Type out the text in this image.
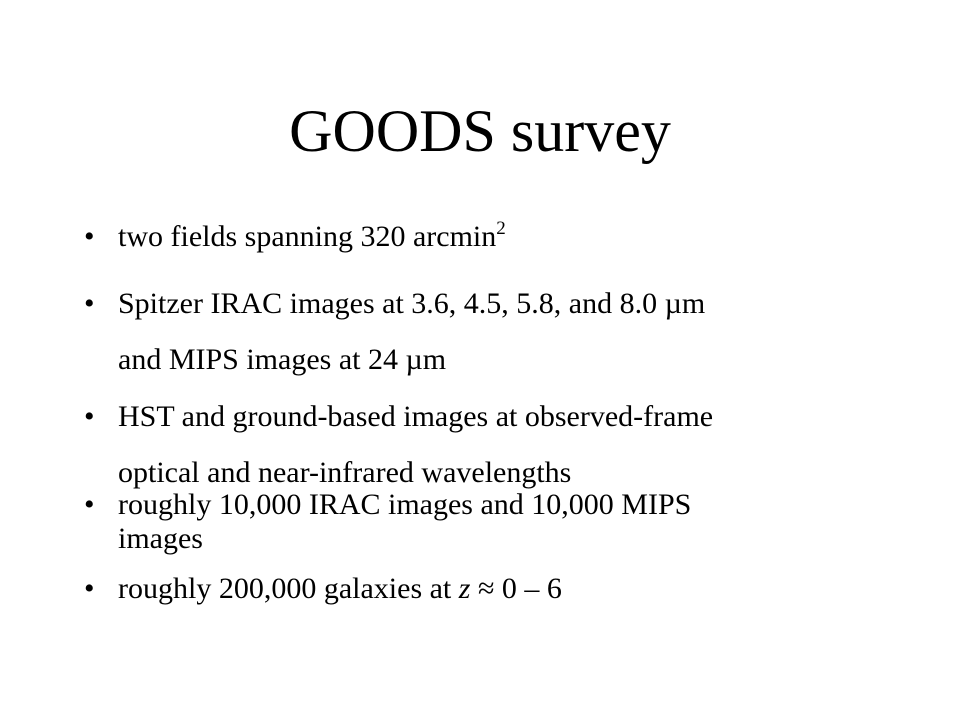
GOODS survey
• two fields spanning 320 arcmin$^2$
• Spitzer IRAC images at 3.6, 4.5, 5.8, and 8.0 µm
and MIPS images at 24 µm
• HST and ground-based images at observed-frame
optical and near-infrared wavelengths
• roughly 10,000 IRAC images and 10,000 MIPS
images
• roughly 200,000 galaxies at z ≈ 0 – 6
